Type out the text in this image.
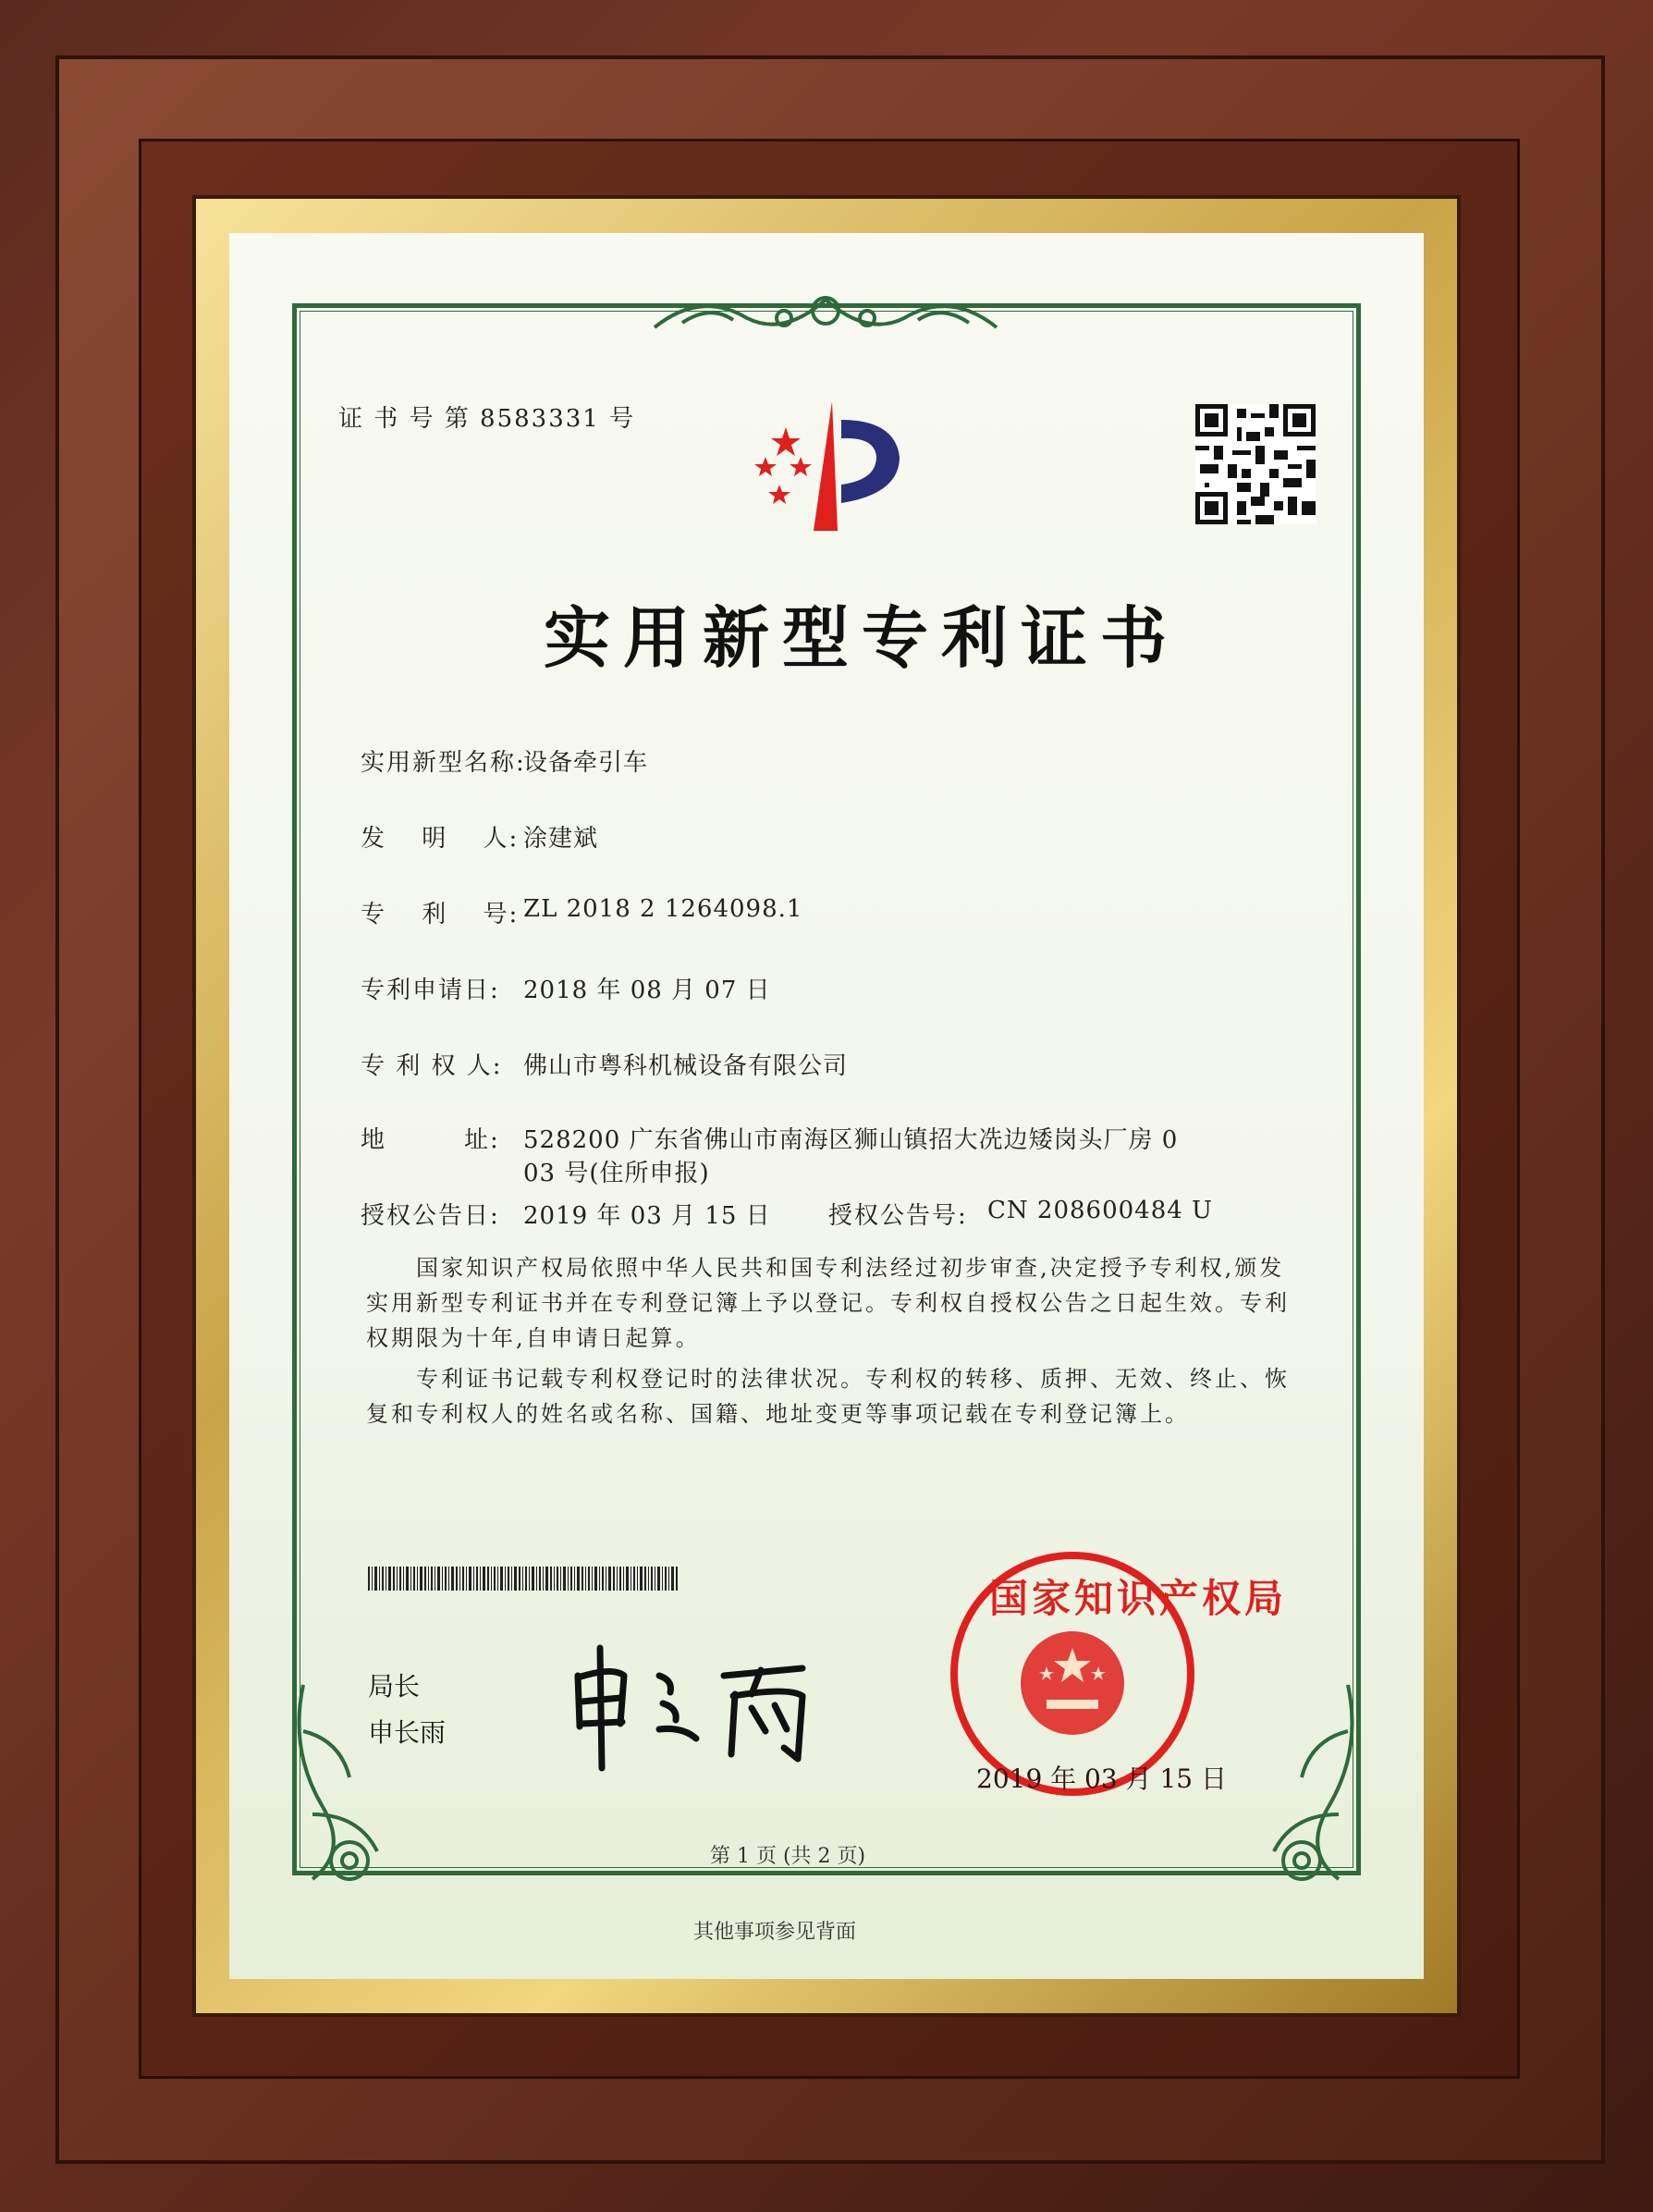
证 书 号 第 8583331 号
实用新型专利证书
实用新型名称:
设备牵引车
发　 明　 人: 涂建斌
专　 利　 号: ZL 2018 2 1264098.1
专利申请日: 2018 年 08 月 07 日
专 利 权 人: 佛山市粤科机械设备有限公司
地　　　址: 528200 广东省佛山市南海区狮山镇招大冼边矮岗头厂房 0
03 号(住所申报)
授权公告日: 2019 年 03 月 15 日 授权公告号: CN 208600484 U
　　国家知识产权局依照中华人民共和国专利法经过初步审查,决定授予专利权,颁发实用新型专利证书并在专利登记簿上予以登记。专利权自授权公告之日起生效。专利权期限为十年,自申请日起算。
　　专利证书记载专利权登记时的法律状况。专利权的转移、质押、无效、终止、恢复和专利权人的姓名或名称、国籍、地址变更等事项记载在专利登记簿上。
局长
申长雨
国家知识产权局
2019 年 03 月 15 日
第 1 页 (共 2 页)
其他事项参见背面
